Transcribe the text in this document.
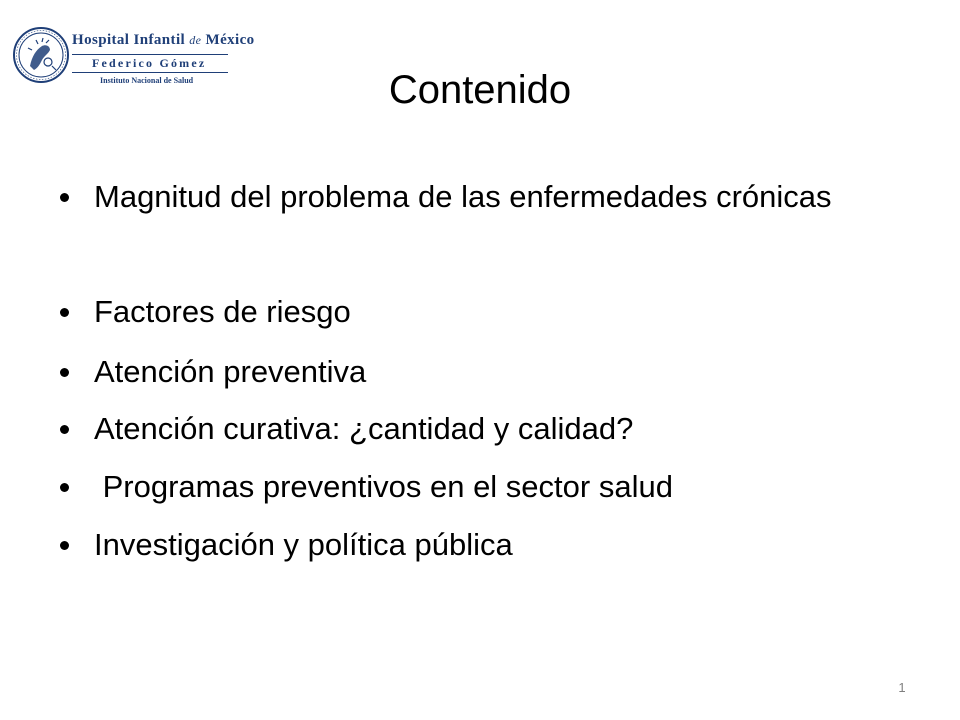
Hospital Infantil de México
Federico Gómez
Instituto Nacional de Salud	Contenido
Magnitud del problema de las enfermedades crónicas
Factores de riesgo
Atención preventiva
Atención curativa: ¿cantidad y calidad?
Programas preventivos en el sector salud
Investigación y política pública
1
